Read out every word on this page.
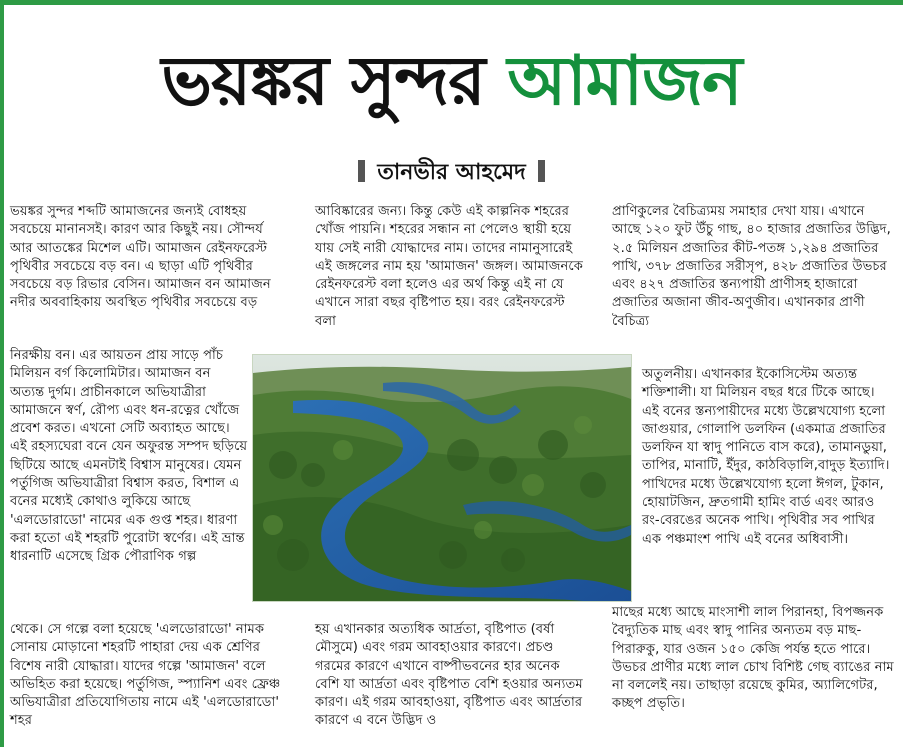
ভয়ঙ্কর সুন্দর আমাজন
তানভীর আহমেদ

ভয়ঙ্কর সুন্দর শব্দটি আমাজনের জন্যই বোধহয় সবচেয়ে মানানসই। কারণ আর কিছুই নয়। সৌন্দর্য আর আতঙ্কের মিশেল এটি। আমাজন রেইনফরেস্ট পৃথিবীর সবচেয়ে বড় বন। এ ছাড়া এটি পৃথিবীর সবচেয়ে বড় রিভার বেসিন। আমাজন বন আমাজন নদীর অববাহিকায় অবস্থিত পৃথিবীর সবচেয়ে বড়

নিরক্ষীয় বন। এর আয়তন প্রায় সাড়ে পাঁচ মিলিয়ন বর্গ কিলোমিটার। আমাজন বন অত্যন্ত দুর্গম। প্রাচীনকালে অভিযাত্রীরা আমাজনে স্বর্ণ, রৌপ্য এবং ধন-রত্নের খোঁজে প্রবেশ করত। এখনো সেটি অব্যাহত আছে। এই রহস্যঘেরা বনে যেন অফুরন্ত সম্পদ ছড়িয়ে ছিটিয়ে আছে এমনটাই বিশ্বাস মানুষের। যেমন পর্তুগিজ অভিযাত্রীরা বিশ্বাস করত, বিশাল এ বনের মধ্যেই কোথাও লুকিয়ে আছে 'এলডোরাডো' নামের এক গুপ্ত শহর। ধারণা করা হতো এই শহরটি পুরোটা স্বর্ণের। এই ভ্রান্ত ধারনাটি এসেছে গ্রিক পৌরাণিক গল্প

থেকে। সে গল্পে বলা হয়েছে 'এলডোরাডো' নামক সোনায় মোড়ানো শহরটি পাহারা দেয় এক শ্রেণির বিশেষ নারী যোদ্ধারা। যাদের গল্পে 'আমাজন' বলে অভিহিত করা হয়েছে। পর্তুগিজ, স্প্যানিশ এবং ফ্রেঞ্চ অভিযাত্রীরা প্রতিযোগিতায় নামে এই 'এলডোরাডো' শহর

আবিষ্কারের জন্য। কিন্তু কেউ এই কাল্পনিক শহরের খোঁজ পায়নি। শহরের সন্ধান না পেলেও স্থায়ী হয়ে যায় সেই নারী যোদ্ধাদের নাম। তাদের নামানুসারেই এই জঙ্গলের নাম হয় 'আমাজন' জঙ্গল। আমাজনকে রেইনফরেস্ট বলা হলেও এর অর্থ কিন্তু এই না যে এখানে সারা বছর বৃষ্টিপাত হয়। বরং রেইনফরেস্ট বলা

হয় এখানকার অত্যধিক আর্দ্রতা, বৃষ্টিপাত (বর্ষা মৌসুমে) এবং গরম আবহাওয়ার কারণে। প্রচণ্ড গরমের কারণে এখানে বাষ্পীভবনের হার অনেক বেশি যা আর্দ্রতা এবং বৃষ্টিপাত বেশি হওয়ার অন্যতম কারণ। এই গরম আবহাওয়া, বৃষ্টিপাত এবং আর্দ্রতার কারণে এ বনে উদ্ভিদ ও

প্রাণিকুলের বৈচিত্র্যময় সমাহার দেখা যায়। এখানে আছে ১২০ ফুট উঁচু গাছ, ৪০ হাজার প্রজাতির উদ্ভিদ, ২.৫ মিলিয়ন প্রজাতির কীট-পতঙ্গ ১,২৯৪ প্রজাতির পাখি, ৩৭৮ প্রজাতির সরীসৃপ, ৪২৮ প্রজাতির উভচর এবং ৪২৭ প্রজাতির স্তন্যপায়ী প্রাণীসহ হাজারো প্রজাতির অজানা জীব-অণুজীব। এখানকার প্রাণী বৈচিত্র্য

অতুলনীয়। এখানকার ইকোসিস্টেম অত্যন্ত শক্তিশালী। যা মিলিয়ন বছর ধরে টিকে আছে। এই বনের স্তন্যপায়ীদের মধ্যে উল্লেখযোগ্য হলো জাগুয়ার, গোলাপি ডলফিন (একমাত্র প্রজাতির ডলফিন যা স্বাদু পানিতে বাস করে), তামানডুয়া, তাপির, মানাটি, ইঁদুর, কাঠবিড়ালি,বাদুড় ইত্যাদি। পাখিদের মধ্যে উল্লেখযোগ্য হলো ঈগল, টুকান, হোয়াটজিন, দ্রুতগামী হামিং বার্ড এবং আরও রং-বেরঙের অনেক পাখি। পৃথিবীর সব পাখির এক পঞ্চমাংশ পাখি এই বনের অধিবাসী।

মাছের মধ্যে আছে মাংসাশী লাল পিরানহা, বিপজ্জনক বৈদ্যুতিক মাছ এবং স্বাদু পানির অন্যতম বড় মাছ-পিরারুকু, যার ওজন ১৫০ কেজি পর্যন্ত হতে পারে। উভচর প্রাণীর মধ্যে লাল চোখ বিশিষ্ট গেছ ব্যাঙের নাম না বললেই নয়। তাছাড়া রয়েছে কুমির, অ্যালিগেটর, কচ্ছপ প্রভৃতি।
